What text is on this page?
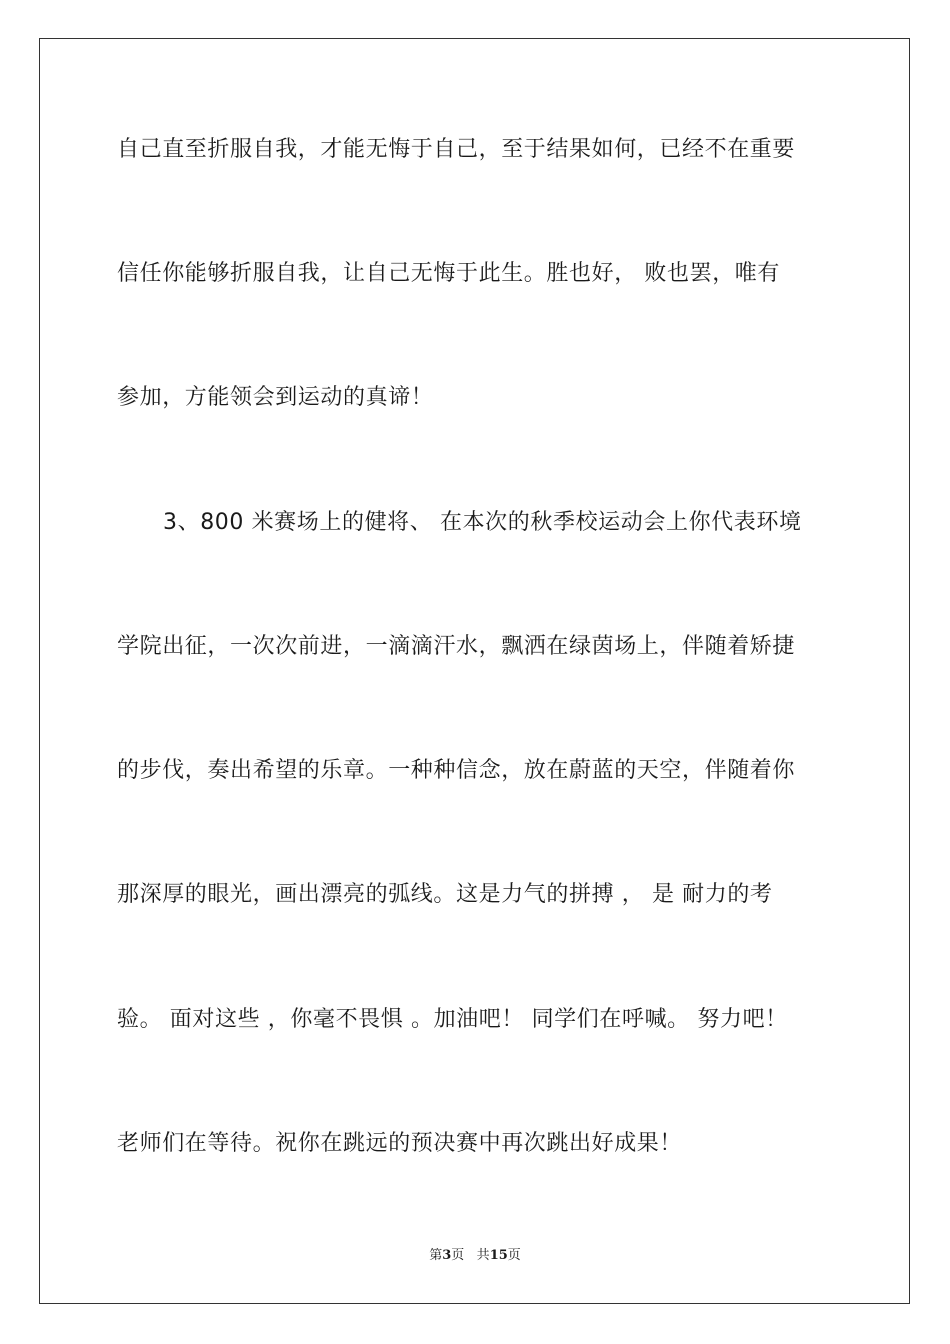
自己直至折服自我，才能无悔于自己，至于结果如何，已经不在重要
信任你能够折服自我，让自己无悔于此生。胜也好， 败也罢，唯有
参加，方能领会到运动的真谛！
3、800 米赛场上的健将、 在本次的秋季校运动会上你代表环境
学院出征，一次次前进，一滴滴汗水，飘洒在绿茵场上，伴随着矫捷
的步伐，奏出希望的乐章。一种种信念，放在蔚蓝的天空，伴随着你
那深厚的眼光，画出漂亮的弧线。这是力气的拼搏 ， 是 耐力的考
验。 面对这些 ，你毫不畏惧 。加油吧！ 同学们在呼喊。 努力吧！
老师们在等待。祝你在跳远的预决赛中再次跳出好成果！
第3页 共15页
